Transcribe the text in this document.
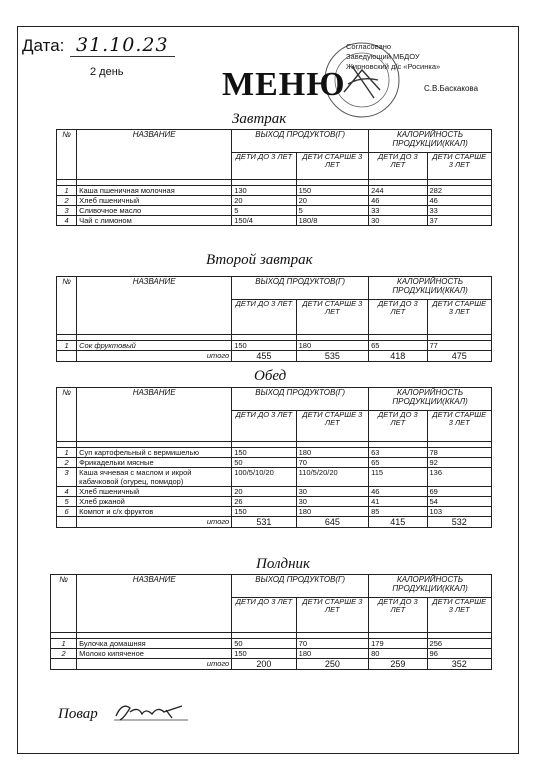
Дата: 31.10.23
2 день	МЕНЮ
Согласовано
Заведующий МБДОУ
Жирновский д/с «Росинка»
С.В.Баскакова
Завтрак
№	НАЗВАНИЕ	ВЫХОД ПРОДУКТОВ(Г)		КАЛОРИЙНОСТЬ ПРОДУКЦИИ(ККАЛ)	
		ДЕТИ ДО 3 ЛЕТ	ДЕТИ СТАРШЕ 3 ЛЕТ	ДЕТИ ДО 3 ЛЕТ	ДЕТИ СТАРШЕ 3 ЛЕТ

1	Каша пшеничная молочная	130	150	244	282
2	Хлеб пшеничный	20	20	46	46
3	Сливочное масло	5	5	33	33
4	Чай с лимоном	150/4	180/8	30	37
Второй завтрак
№	НАЗВАНИЕ	ВЫХОД ПРОДУКТОВ(Г)		КАЛОРИЙНОСТЬ ПРОДУКЦИИ(ККАЛ)	
		ДЕТИ ДО 3 ЛЕТ	ДЕТИ СТАРШЕ 3 ЛЕТ	ДЕТИ ДО 3 ЛЕТ	ДЕТИ СТАРШЕ 3 ЛЕТ

1	Сок фруктовый	150	180	65	77
	итого	455	535	418	475
Обед
№	НАЗВАНИЕ	ВЫХОД ПРОДУКТОВ(Г)		КАЛОРИЙНОСТЬ ПРОДУКЦИИ(ККАЛ)	
		ДЕТИ ДО 3 ЛЕТ	ДЕТИ СТАРШЕ 3 ЛЕТ	ДЕТИ ДО 3 ЛЕТ	ДЕТИ СТАРШЕ 3 ЛЕТ

1	Суп картофельный с вермишелью	150	180	63	78
2	Фрикадельки мясные	50	70	65	92
3	Каша ячневая с маслом и икрой кабачковой (огурец, помидор)	100/5/10/20	110/5/20/20	115	136
4	Хлеб пшеничный	20	30	46	69
5	Хлеб ржаной	26	30	41	54
6	Компот и с/х фруктов	150	180	85	103
	итого	531	645	415	532
Полдник
№	НАЗВАНИЕ	ВЫХОД ПРОДУКТОВ(Г)		КАЛОРИЙНОСТЬ ПРОДУКЦИИ(ККАЛ)	
		ДЕТИ ДО 3 ЛЕТ	ДЕТИ СТАРШЕ 3 ЛЕТ	ДЕТИ ДО 3 ЛЕТ	ДЕТИ СТАРШЕ 3 ЛЕТ

1	Булочка домашняя	50	70	179	256
2	Молоко кипяченое	150	180	80	96
	итого	200	250	259	352
Повар
